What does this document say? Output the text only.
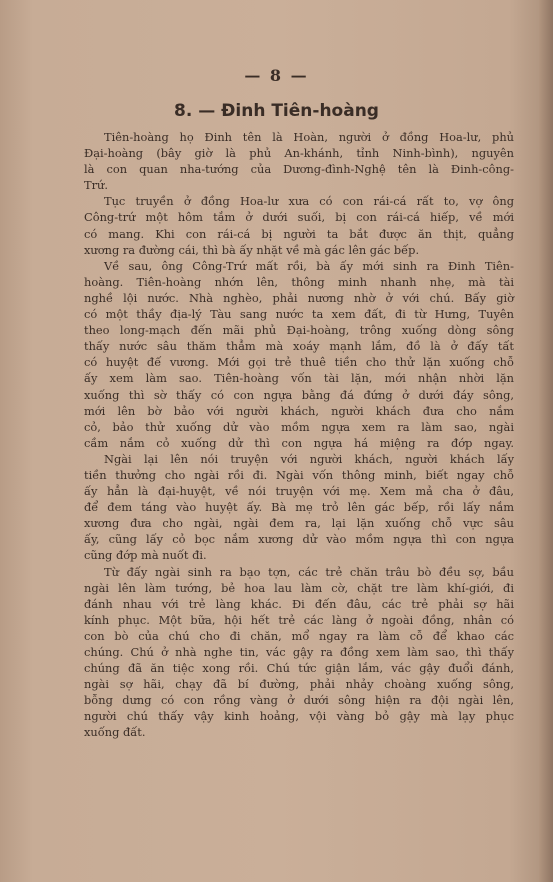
— 8 —
8. — Đinh Tiên-hoàng
Tiên-hoàng họ Đinh tên là Hoàn, người ở đồng Hoa-lư, phủ
Đại-hoàng (bây giờ là phủ An-khánh, tỉnh Ninh-bình), nguyên
là con quan nha-tướng của Dương-đình-Nghệ tên là Đinh-công-
Trứ.
Tục truyền ở đồng Hoa-lư xưa có con rái-cá rất to, vợ ông
Công-trứ một hôm tắm ở dưới suối, bị con rái-cá hiếp, về mới
có mang. Khi con rái-cá bị người ta bắt được ăn thịt, quẳng
xương ra đường cái, thì bà ấy nhặt về mà gác lên gác bếp.
Về sau, ông Công-Trứ mất rồi, bà ấy mới sinh ra Đinh Tiên-
hoàng. Tiên-hoàng nhớn lên, thông minh nhanh nhẹ, mà tài
nghề lội nước. Nhà nghèo, phải nương nhờ ở với chú. Bấy giờ
có một thầy địa-lý Tàu sang nước ta xem đất, đi từ Hưng, Tuyên
theo long-mạch đến mãi phủ Đại-hoàng, trông xuống dòng sông
thấy nước sâu thăm thẳm mà xoáy mạnh lắm, đồ là ở đấy tất
có huyệt đế vương. Mới gọi trẻ thuê tiền cho thử lặn xuống chỗ
ấy xem làm sao. Tiên-hoàng vốn tài lặn, mới nhận nhời lặn
xuống thì sờ thấy có con ngựa bằng đá đứng ở dưới đáy sông,
mới lên bờ bảo với người khách, người khách đưa cho nắm
cỏ, bảo thử xuống dử vào mồm ngựa xem ra làm sao, ngài
cầm nắm cỏ xuống dử thì con ngựa há miệng ra đớp ngay.
Ngài lại lên nói truyện với người khách, người khách lấy
tiền thưởng cho ngài rồi đi. Ngài vốn thông minh, biết ngay chỗ
ấy hẳn là đại-huyệt, về nói truyện với mẹ. Xem mả cha ở đâu,
để đem táng vào huyệt ấy. Bà mẹ trỏ lên gác bếp, rồi lấy nắm
xương đưa cho ngài, ngài đem ra, lại lặn xuống chỗ vực sâu
ấy, cũng lấy cỏ bọc nắm xương dử vào mồm ngựa thì con ngựa
cũng đớp mà nuốt đi.
Từ đấy ngài sinh ra bạo tợn, các trẻ chăn trâu bò đều sợ, bầu
ngài lên làm tướng, bẻ hoa lau làm cờ, chặt tre làm khí-giới, đi
đánh nhau với trẻ làng khác. Đi đến đâu, các trẻ phải sợ hãi
kính phục. Một bữa, hội hết trẻ các làng ở ngoài đồng, nhân có
con bò của chú cho đi chăn, mổ ngay ra làm cỗ để khao các
chúng. Chú ở nhà nghe tin, vác gậy ra đồng xem làm sao, thì thấy
chúng đã ăn tiệc xong rồi. Chú tức giận lắm, vác gậy đuổi đánh,
ngài sợ hãi, chạy đã bí đường, phải nhảy choàng xuống sông,
bỗng dưng có con rồng vàng ở dưới sông hiện ra đội ngài lên,
người chú thấy vậy kinh hoảng, vội vàng bỏ gậy mà lạy phục
xuống đất.
